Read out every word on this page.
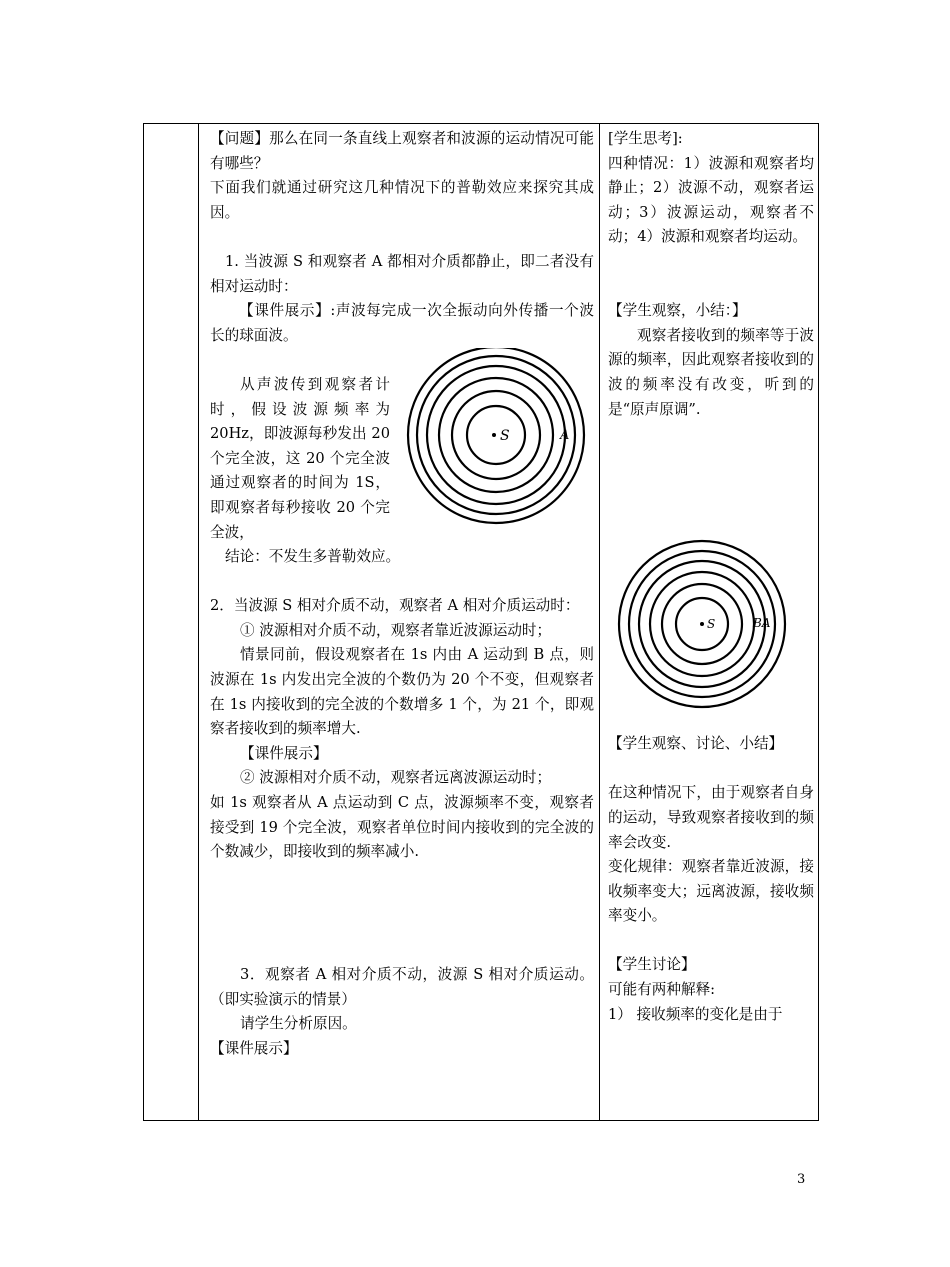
【问题】那么在同一条直线上观察者和波源的运动情况可能有哪些？

下面我们就通过研究这几种情况下的普勒效应来探究其成因。

1. 当波源 S 和观察者 A 都相对介质都静止，即二者没有相对运动时：

【课件展示】:声波每完成一次全振动向外传播一个波长的球面波。

从声波传到观察者计时，假设波源频率为 20Hz，即波源每秒发出 20 个完全波，这 20 个完全波通过观察者的时间为 1S，即观察者每秒接收 20 个完全波，

S	A

结论：不发生多普勒效应。

2．当波源 S 相对介质不动，观察者 A 相对介质运动时：

① 波源相对介质不动，观察者靠近波源运动时；

情景同前，假设观察者在 1s 内由 A 运动到 B 点，则波源在 1s 内发出完全波的个数仍为 20 个不变，但观察者在 1s 内接收到的完全波的个数增多 1 个，为 21 个，即观察者接收到的频率增大.

【课件展示】

② 波源相对介质不动，观察者远离波源运动时；

如 1s 观察者从 A 点运动到 C 点，波源频率不变，观察者接受到 19 个完全波，观察者单位时间内接收到的完全波的个数减少，即接收到的频率减小.

3．观察者 A 相对介质不动，波源 S 相对介质运动。（即实验演示的情景）

请学生分析原因。

【课件展示】

[学生思考]:

四种情况：1）波源和观察者均静止；2）波源不动，观察者运动；3）波源运动，观察者不动；4）波源和观察者均运动。

【学生观察，小结：】

观察者接收到的频率等于波源的频率，因此观察者接收到的波的频率没有改变，听到的是“原声原调”.

S	BA

【学生观察、讨论、小结】

在这种情况下，由于观察者自身的运动，导致观察者接收到的频率会改变.

变化规律：观察者靠近波源，接收频率变大；远离波源，接收频率变小。

【学生讨论】

可能有两种解释:

1） 接收频率的变化是由于

3
